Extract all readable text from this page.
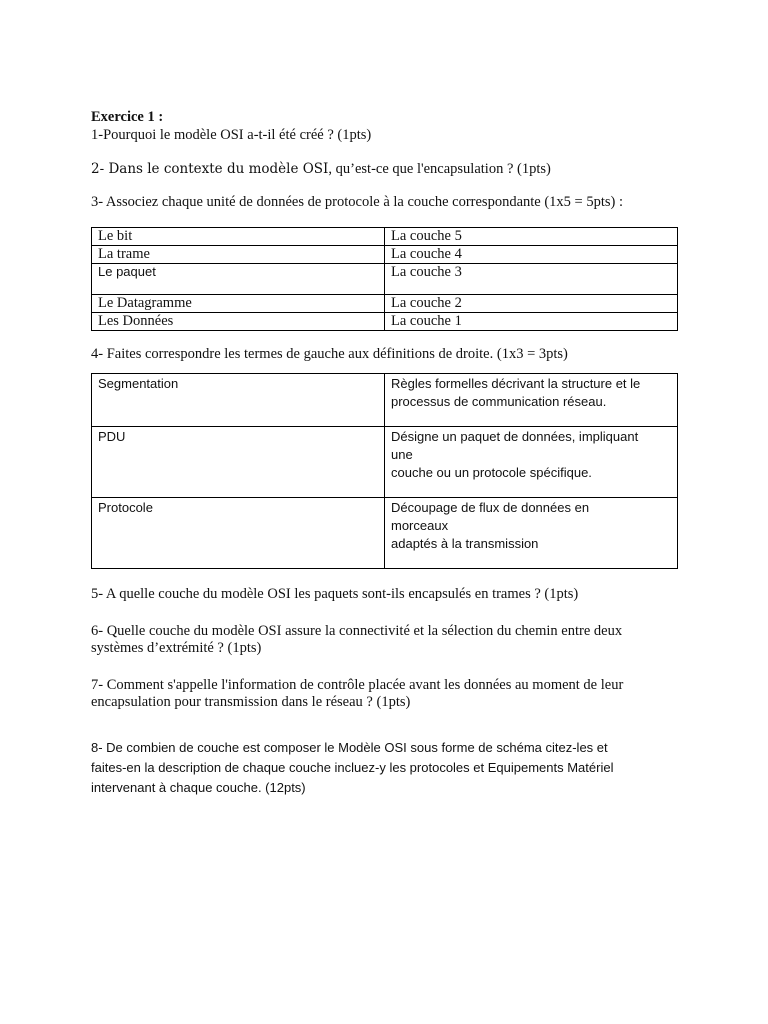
Exercice 1 :
1-Pourquoi le modèle OSI a-t-il été créé ? (1pts)
2- Dans le contexte du modèle OSI, qu’est-ce que l'encapsulation ? (1pts)
3- Associez chaque unité de données de protocole à la couche correspondante (1x5 = 5pts) :
Le bit	La couche 5
La trame	La couche 4
Le paquet	La couche 3
Le Datagramme	La couche 2
Les Données	La couche 1
4- Faites correspondre les termes de gauche aux définitions de droite. (1x3 = 3pts)
Segmentation	Règles formelles décrivant la structure et le
processus de communication réseau.

PDU	Désigne un paquet de données, impliquant
une
couche ou un protocole spécifique.

Protocole	Découpage de flux de données en
morceaux
adaptés à la transmission
5- A quelle couche du modèle OSI les paquets sont-ils encapsulés en trames ? (1pts)
6- Quelle couche du modèle OSI assure la connectivité et la sélection du chemin entre deux
systèmes d’extrémité ? (1pts)
7- Comment s'appelle l'information de contrôle placée avant les données au moment de leur
encapsulation pour transmission dans le réseau ? (1pts)
8- De combien de couche est composer le Modèle OSI sous forme de schéma citez-les et
faites-en la description de chaque couche incluez-y les protocoles et Equipements Matériel
intervenant à chaque couche. (12pts)
